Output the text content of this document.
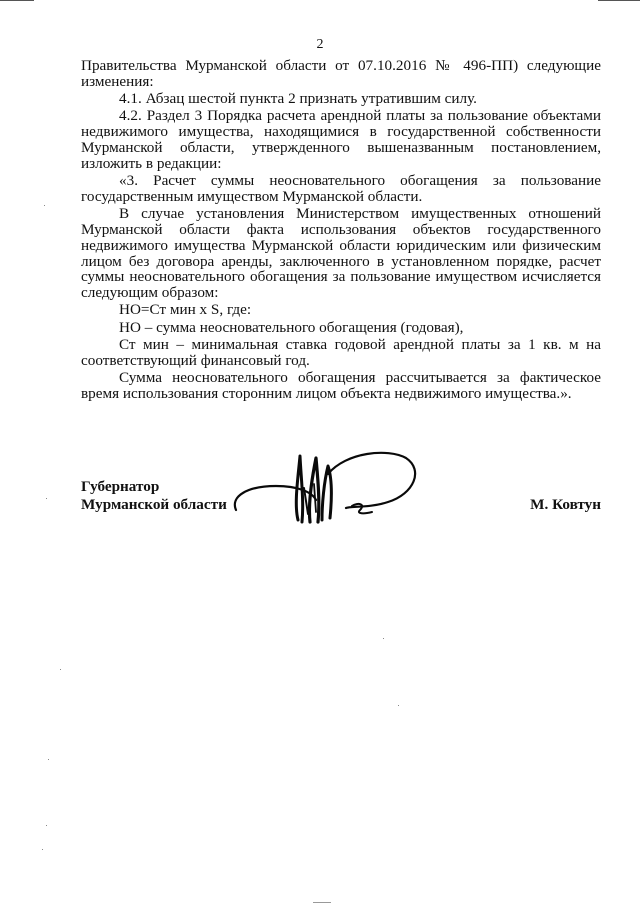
2

Правительства Мурманской области от 07.10.2016 № 496-ПП) следующие изменения:

4.1. Абзац шестой пункта 2 признать утратившим силу.

4.2. Раздел 3 Порядка расчета арендной платы за пользование объектами недвижимого имущества, находящимися в государственной собственности Мурманской области, утвержденного вышеназванным постановлением, изложить в редакции:

«3. Расчет суммы неосновательного обогащения за пользование государственным имуществом Мурманской области.

В случае установления Министерством имущественных отношений Мурманской области факта использования объектов государственного недвижимого имущества Мурманской области юридическим или физическим лицом без договора аренды, заключенного в установленном порядке, расчет суммы неосновательного обогащения за пользование имуществом исчисляется следующим образом:

НО=Ст мин x S, где:

НО – сумма неосновательного обогащения (годовая),

Ст мин – минимальная ставка годовой арендной платы за 1 кв. м на соответствующий финансовый год.

Сумма неосновательного обогащения рассчитывается за фактическое время использования сторонним лицом объекта недвижимого имущества.».

Губернатор
Мурманской области	М. Ковтун
